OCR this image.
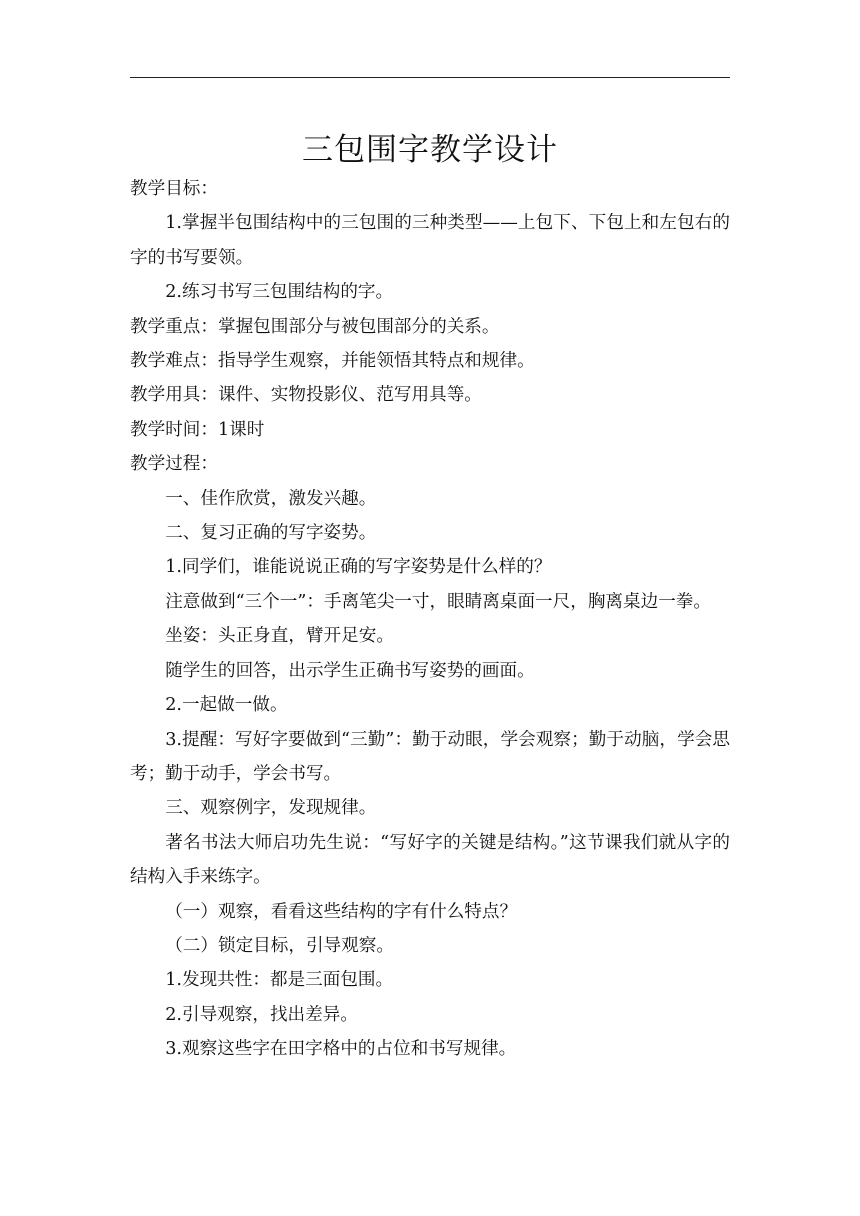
三包围字教学设计

教学目标：

1.掌握半包围结构中的三包围的三种类型——上包下、下包上和左包右的字的书写要领。

2.练习书写三包围结构的字。

教学重点：掌握包围部分与被包围部分的关系。

教学难点：指导学生观察，并能领悟其特点和规律。

教学用具：课件、实物投影仪、范写用具等。

教学时间：1课时

教学过程：

一、佳作欣赏，激发兴趣。

二、复习正确的写字姿势。

1.同学们，谁能说说正确的写字姿势是什么样的？

注意做到“三个一”：手离笔尖一寸，眼睛离桌面一尺，胸离桌边一拳。

坐姿：头正身直，臂开足安。

随学生的回答，出示学生正确书写姿势的画面。

2.一起做一做。

3.提醒：写好字要做到“三勤”：勤于动眼，学会观察；勤于动脑，学会思考；勤于动手，学会书写。

三、观察例字，发现规律。

著名书法大师启功先生说：“写好字的关键是结构。”这节课我们就从字的结构入手来练字。

（一）观察，看看这些结构的字有什么特点？

（二）锁定目标，引导观察。

1.发现共性：都是三面包围。

2.引导观察，找出差异。

3.观察这些字在田字格中的占位和书写规律。
